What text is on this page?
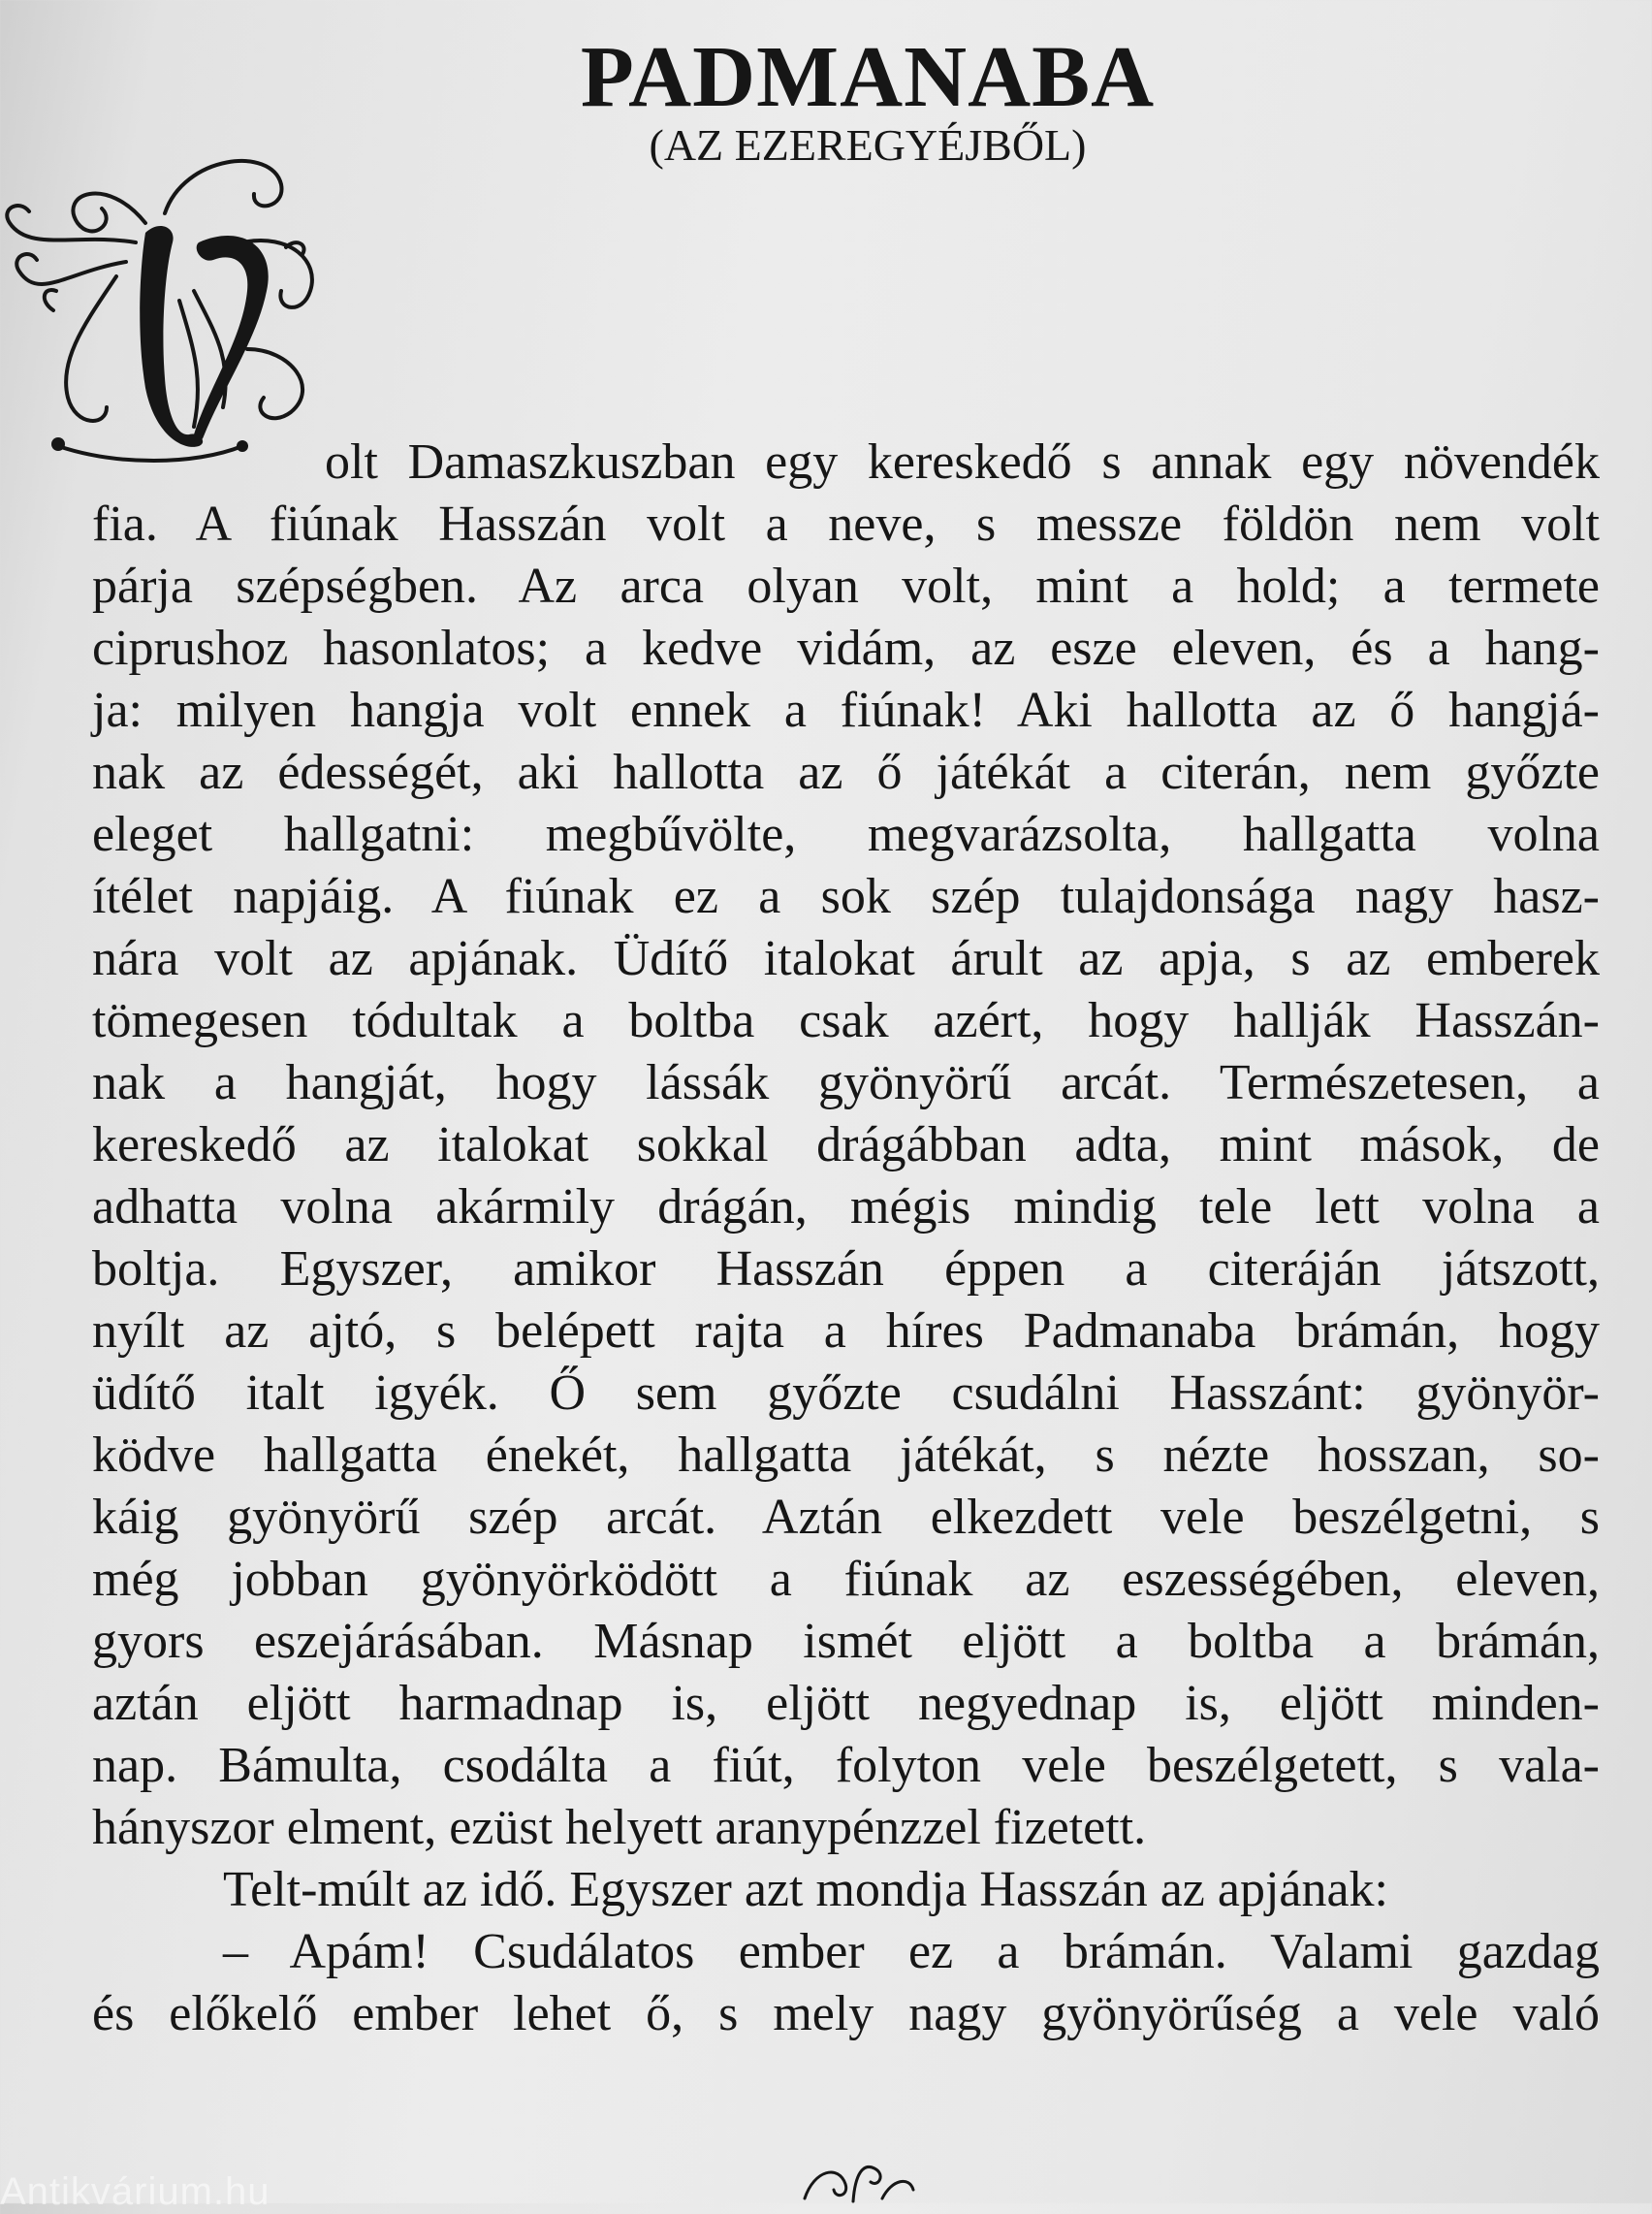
PADMANABA

(AZ EZEREGYÉJBŐL)

olt Damaszkuszban egy kereskedő s annak egy növendék

fia. A fiúnak Hasszán volt a neve, s messze földön nem volt

párja szépségben. Az arca olyan volt, mint a hold; a termete

ciprushoz hasonlatos; a kedve vidám, az esze eleven, és a hang-

ja: milyen hangja volt ennek a fiúnak! Aki hallotta az ő hangjá-

nak az édességét, aki hallotta az ő játékát a citerán, nem győzte

eleget hallgatni: megbűvölte, megvarázsolta, hallgatta volna

ítélet napjáig. A fiúnak ez a sok szép tulajdonsága nagy hasz-

nára volt az apjának. Üdítő italokat árult az apja, s az emberek

tömegesen tódultak a boltba csak azért, hogy hallják Hasszán-

nak a hangját, hogy lássák gyönyörű arcát. Természetesen, a

kereskedő az italokat sokkal drágábban adta, mint mások, de

adhatta volna akármily drágán, mégis mindig tele lett volna a

boltja. Egyszer, amikor Hasszán éppen a citeráján játszott,

nyílt az ajtó, s belépett rajta a híres Padmanaba brámán, hogy

üdítő italt igyék. Ő sem győzte csudálni Hasszánt: gyönyör-

ködve hallgatta énekét, hallgatta játékát, s nézte hosszan, so-

káig gyönyörű szép arcát. Aztán elkezdett vele beszélgetni, s

még jobban gyönyörködött a fiúnak az eszességében, eleven,

gyors eszejárásában. Másnap ismét eljött a boltba a brámán,

aztán eljött harmadnap is, eljött negyednap is, eljött minden-

nap. Bámulta, csodálta a fiút, folyton vele beszélgetett, s vala-

hányszor elment, ezüst helyett aranypénzzel fizetett.

Telt-múlt az idő. Egyszer azt mondja Hasszán az apjának:

– Apám! Csudálatos ember ez a brámán. Valami gazdag

és előkelő ember lehet ő, s mely nagy gyönyörűség a vele való

Antikvárium.hu
